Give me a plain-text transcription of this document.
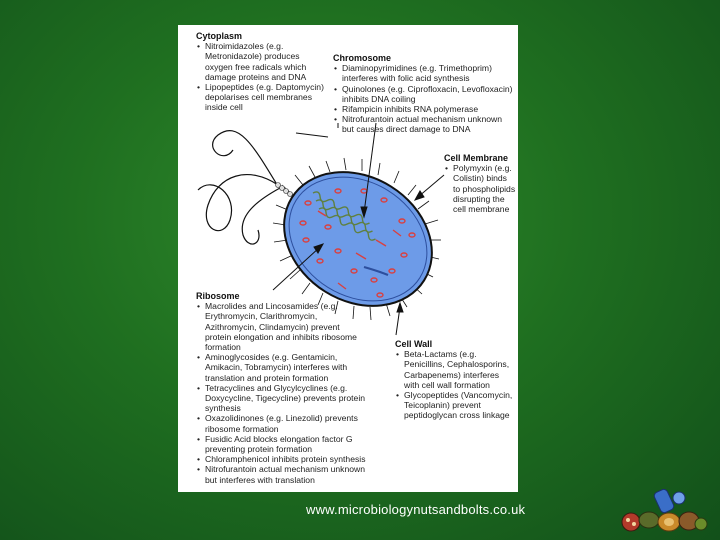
Cytoplasm
• Nitroimidazoles (e.g. Metronidazole) produces oxygen free radicals which damage proteins and DNA
• Lipopeptides (e.g. Daptomycin) depolarises cell membranes inside cell
Chromosome
• Diaminopyrimidines (e.g. Trimethoprim) interferes with folic acid synthesis
• Quinolones (e.g. Ciprofloxacin, Levofloxacin) inhibits DNA coiling
• Rifampicin inhibits RNA polymerase
• Nitrofurantoin actual mechanism unknown but causes direct damage to DNA
Cell Membrane
• Polymyxin (e.g. Colistin) binds to phospholipids disrupting the cell membrane
Ribosome
• Macrolides and Lincosamides (e.g. Erythromycin, Clarithromycin, Azithromycin, Clindamycin) prevent protein elongation and inhibits ribosome formation
• Aminoglycosides (e.g. Gentamicin, Amikacin, Tobramycin) interferes with translation and protein formation
• Tetracyclines and Glycylcyclines (e.g. Doxycycline, Tigecycline) prevents protein synthesis
• Oxazolidinones (e.g. Linezolid) prevents ribosome formation
• Fusidic Acid blocks elongation factor G preventing protein formation
• Chloramphenicol inhibits protein synthesis
• Nitrofurantoin actual mechanism unknown but interferes with translation
Cell Wall
• Beta-Lactams (e.g. Penicillins, Cephalosporins, Carbapenems) interferes with cell wall formation
• Glycopeptides (Vancomycin, Teicoplanin) prevent peptidoglycan cross linkage
www.microbiologynutsandbolts.co.uk
